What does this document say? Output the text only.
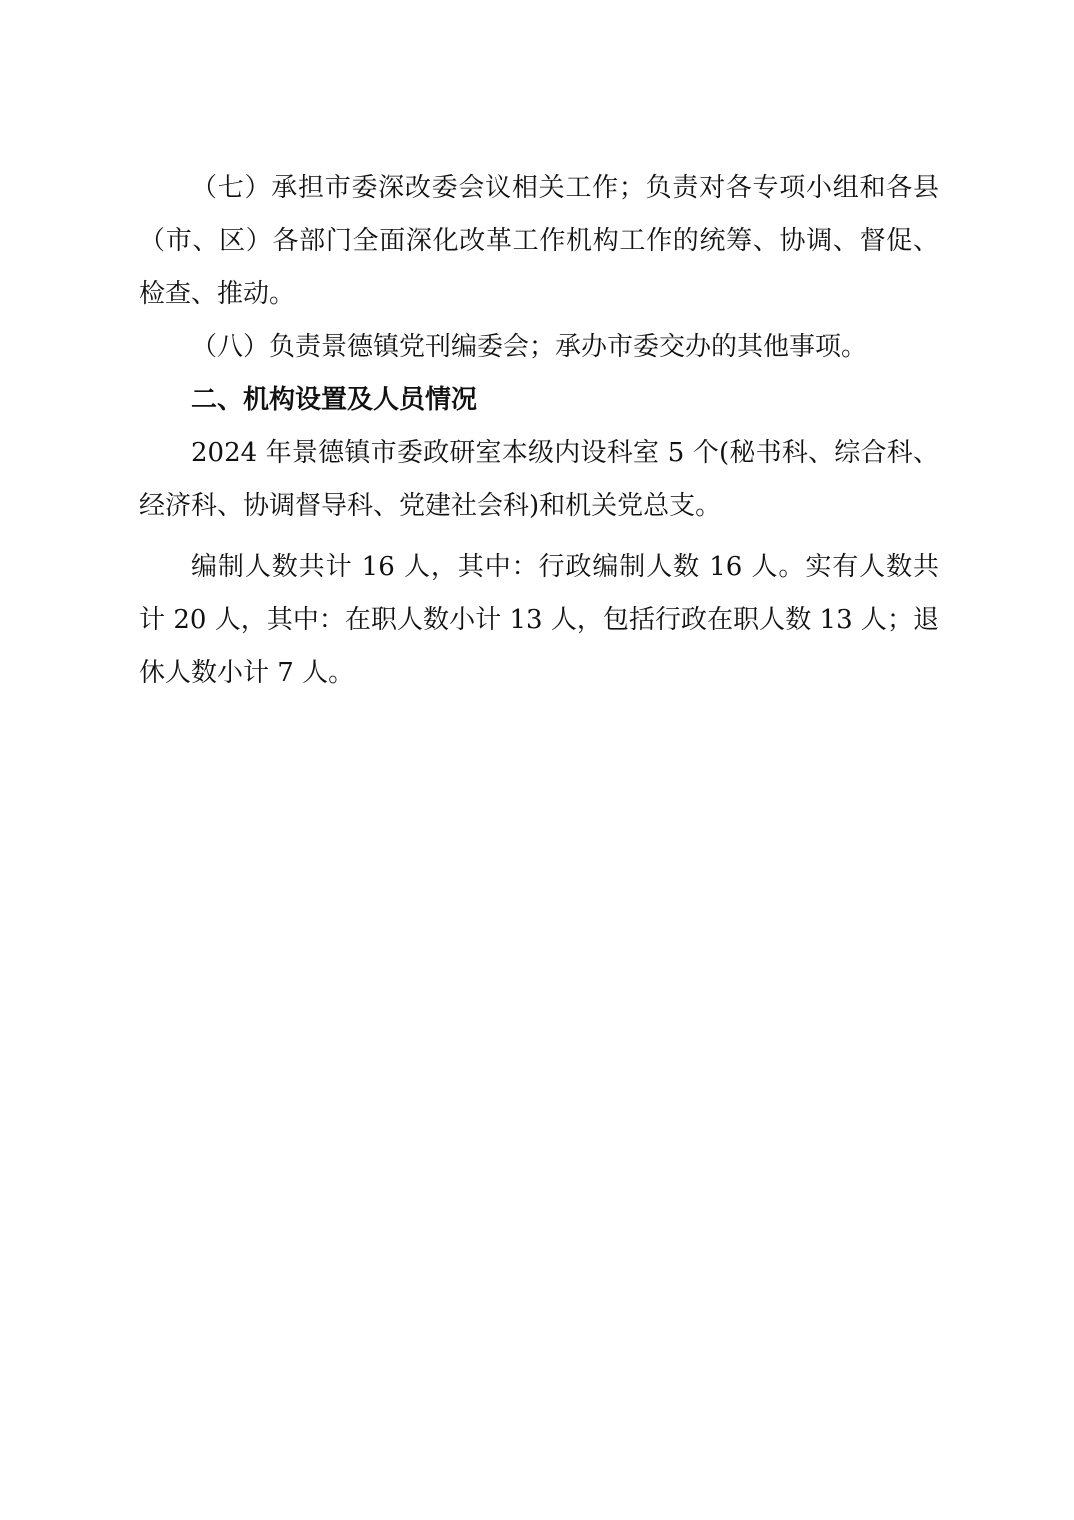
（七）承担市委深改委会议相关工作；负责对各专项小组和各县（市、区）各部门全面深化改革工作机构工作的统筹、协调、督促、检查、推动。

（八）负责景德镇党刊编委会；承办市委交办的其他事项。

二、机构设置及人员情况

2024 年景德镇市委政研室本级内设科室 5 个(秘书科、综合科、经济科、协调督导科、党建社会科)和机关党总支。

编制人数共计 16 人，其中：行政编制人数 16 人。实有人数共计 20 人，其中：在职人数小计 13 人，包括行政在职人数 13 人；退休人数小计 7 人。
